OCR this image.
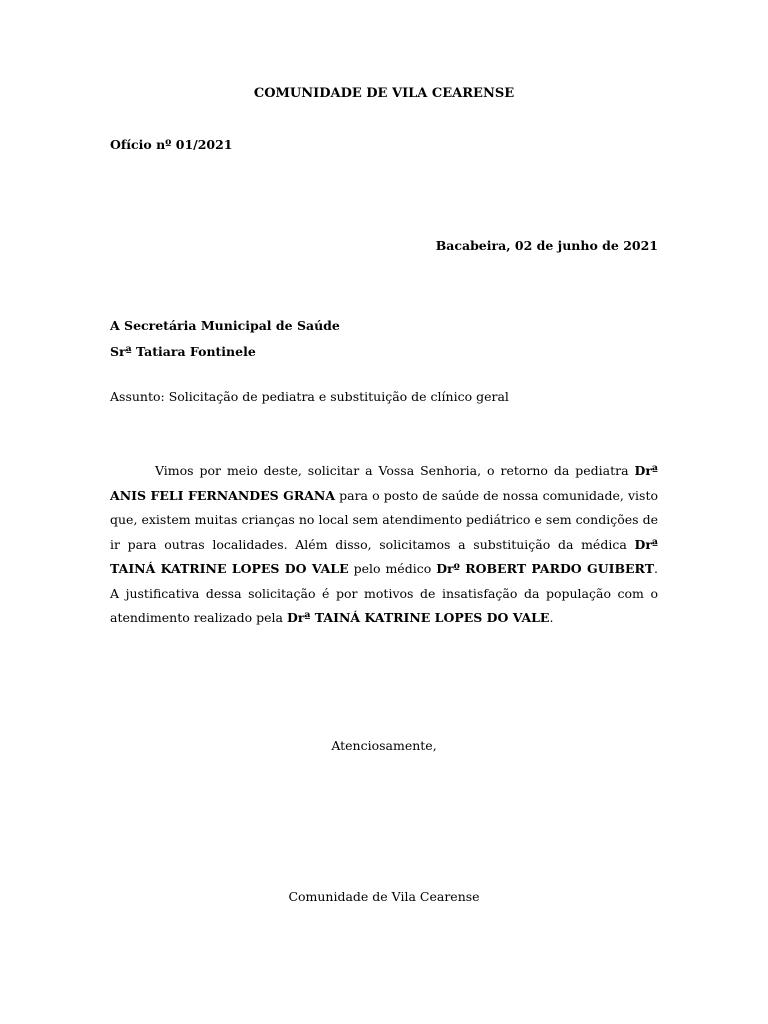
COMUNIDADE DE VILA CEARENSE

Ofício nº 01/2021

Bacabeira, 02 de junho de 2021

A Secretária Municipal de Saúde
Srª Tatiara Fontinele

Assunto: Solicitação de pediatra e substituição de clínico geral

Vimos por meio deste, solicitar a Vossa Senhoria, o retorno da pediatra Drª ANIS FELI FERNANDES GRANA para o posto de saúde de nossa comunidade, visto que, existem muitas crianças no local sem atendimento pediátrico e sem condições de ir para outras localidades. Além disso, solicitamos a substituição da médica Drª TAINÁ KATRINE LOPES DO VALE pelo médico Drº ROBERT PARDO GUIBERT. A justificativa dessa solicitação é por motivos de insatisfação da população com o atendimento realizado pela Drª TAINÁ KATRINE LOPES DO VALE.

Atenciosamente,

Comunidade de Vila Cearense
